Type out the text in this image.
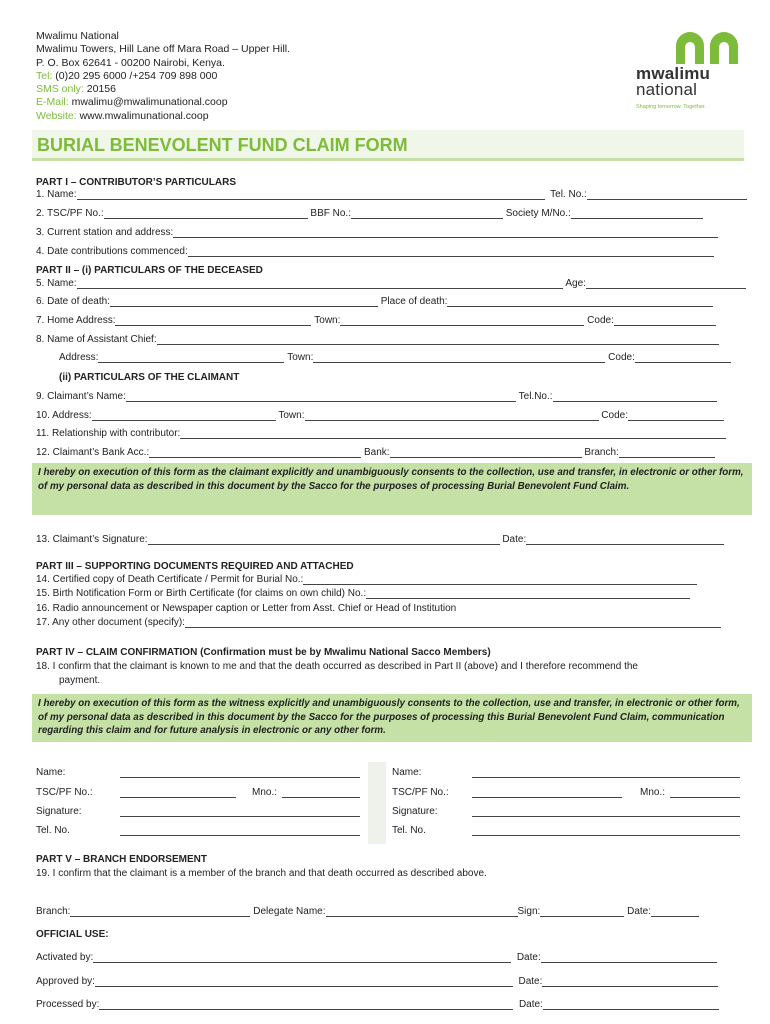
Mwalimu National
Mwalimu Towers, Hill Lane off Mara Road – Upper Hill.
P. O. Box 62641 - 00200 Nairobi, Kenya.
Tel: (0)20 295 6000 /+254 709 898 000
SMS only: 20156
E-Mail: mwalimu@mwalimunational.coop
Website: www.mwalimunational.coop
mwalimu
national
Shaping tomorrow. Together.
BURIAL BENEVOLENT FUND CLAIM FORM
PART I – CONTRIBUTOR’S PARTICULARS
1. Name:	Tel. No.:
2. TSC/PF No.:	BBF No.:	Society M/No.:
3. Current station and address:
4. Date contributions commenced:
PART II – (i) PARTICULARS OF THE DECEASED
5. Name:	Age:
6. Date of death:	Place of death:
7. Home Address:	Town:	Code:
8. Name of Assistant Chief:
Address:	Town:	Code:
(ii) PARTICULARS OF THE CLAIMANT
9. Claimant’s Name:	Tel.No.:
10. Address:	Town:	Code:
11. Relationship with contributor:
12. Claimant’s Bank Acc.:	Bank:	Branch:
I hereby on execution of this form as the claimant explicitly and unambiguously consents to the collection, use and transfer, in electronic or other form, of my personal data as described in this document by the Sacco for the purposes of processing Burial Benevolent Fund Claim.
13. Claimant’s Signature:	Date:
PART III – SUPPORTING DOCUMENTS REQUIRED AND ATTACHED
14. Certified copy of Death Certificate / Permit for Burial No.:
15. Birth Notification Form or Birth Certificate (for claims on own child) No.:
16. Radio announcement or Newspaper caption or Letter from Asst. Chief or Head of Institution
17. Any other document (specify):
PART IV – CLAIM CONFIRMATION (Confirmation must be by Mwalimu National Sacco Members)
18. I confirm that the claimant is known to me and that the death occurred as described in Part II (above) and I therefore recommend the
payment.
I hereby on execution of this form as the witness explicitly and unambiguously consents to the collection, use and transfer, in electronic or other form, of my personal data as described in this document by the Sacco for the purposes of processing this Burial Benevolent Fund Claim, communication regarding this claim and for future analysis in electronic or any other form.
Name:
TSC/PF No.:	Mno.:
Signature:
Tel. No.
Name:
TSC/PF No.:	Mno.:
Signature:
Tel. No.
PART V – BRANCH ENDORSEMENT
19. I confirm that the claimant is a member of the branch and that death occurred as described above.
Branch:	Delegate Name:	Sign:	Date:
OFFICIAL USE:
Activated by:	Date:
Approved by:	Date:
Processed by:	Date:
